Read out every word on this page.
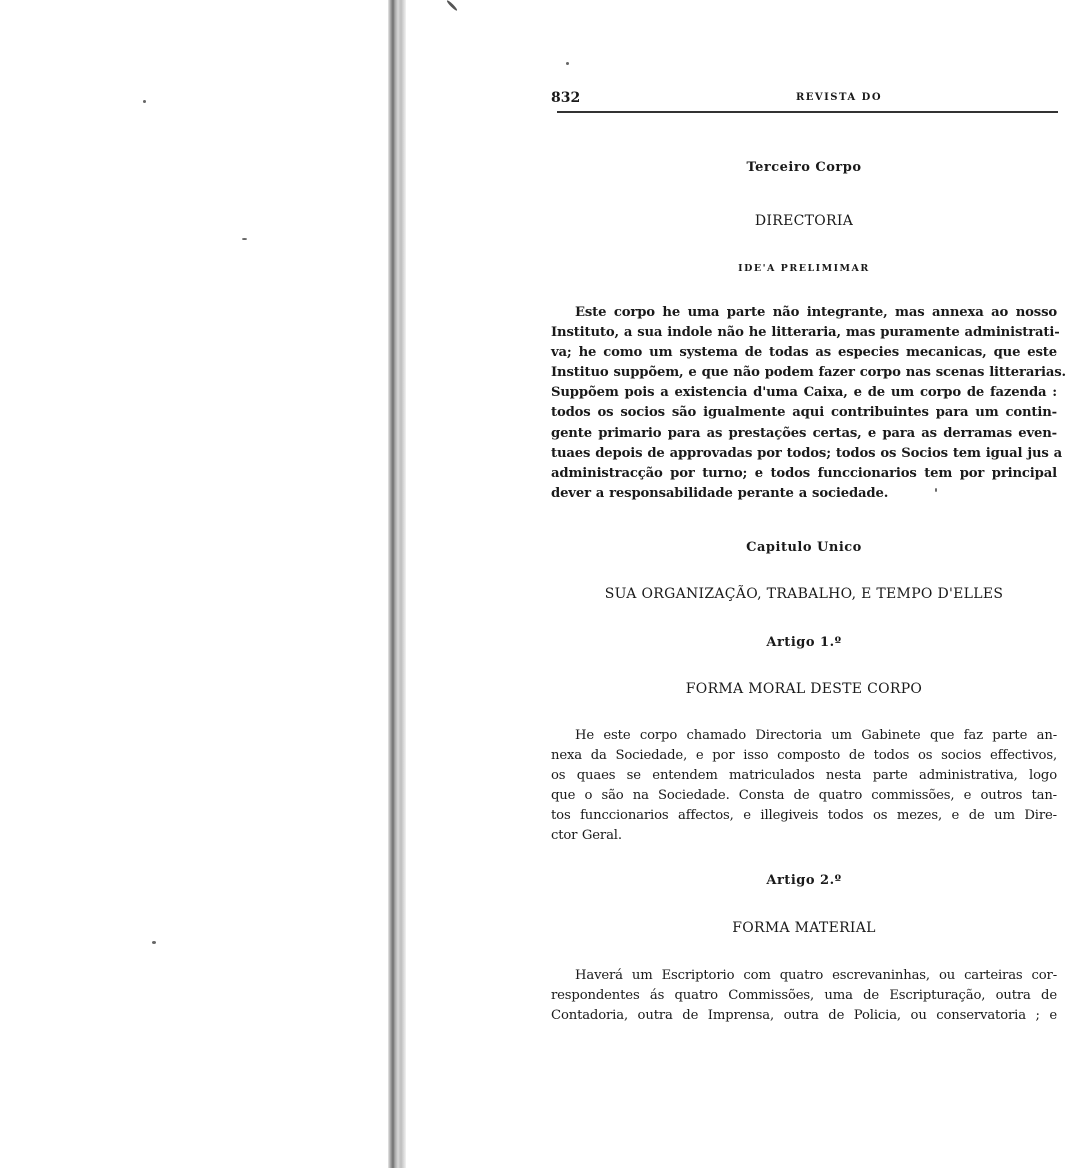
832	REVISTA DO
Terceiro Corpo
DIRECTORIA
IDE'A PRELIMIMAR
Este corpo he uma parte não integrante, mas annexa ao nosso
Instituto, a sua indole não he litteraria, mas puramente administrati-
va; he como um systema de todas as especies mecanicas, que este
Instituo suppõem, e que não podem fazer corpo nas scenas litterarias.
Suppõem pois a existencia d'uma Caixa, e de um corpo de fazenda :
todos os socios são igualmente aqui contribuintes para um contin-
gente primario para as prestações certas, e para as derramas even-
tuaes depois de approvadas por todos; todos os Socios tem igual jus a
administracção por turno; e todos funccionarios tem por principal
dever a responsabilidade perante a sociedade.
Capitulo Unico
SUA ORGANIZAÇÃO, TRABALHO, E TEMPO D'ELLES
Artigo 1.º
FORMA MORAL DESTE CORPO
He este corpo chamado Directoria um Gabinete que faz parte an-
nexa da Sociedade, e por isso composto de todos os socios effectivos,
os quaes se entendem matriculados nesta parte administrativa, logo
que o são na Sociedade. Consta de quatro commissões, e outros tan-
tos funccionarios affectos, e illegiveis todos os mezes, e de um Dire-
ctor Geral.
Artigo 2.º
FORMA MATERIAL
Haverá um Escriptorio com quatro escrevaninhas, ou carteiras cor-
respondentes ás quatro Commissões, uma de Escripturação, outra de
Contadoria, outra de Imprensa, outra de Policia, ou conservatoria ; e
